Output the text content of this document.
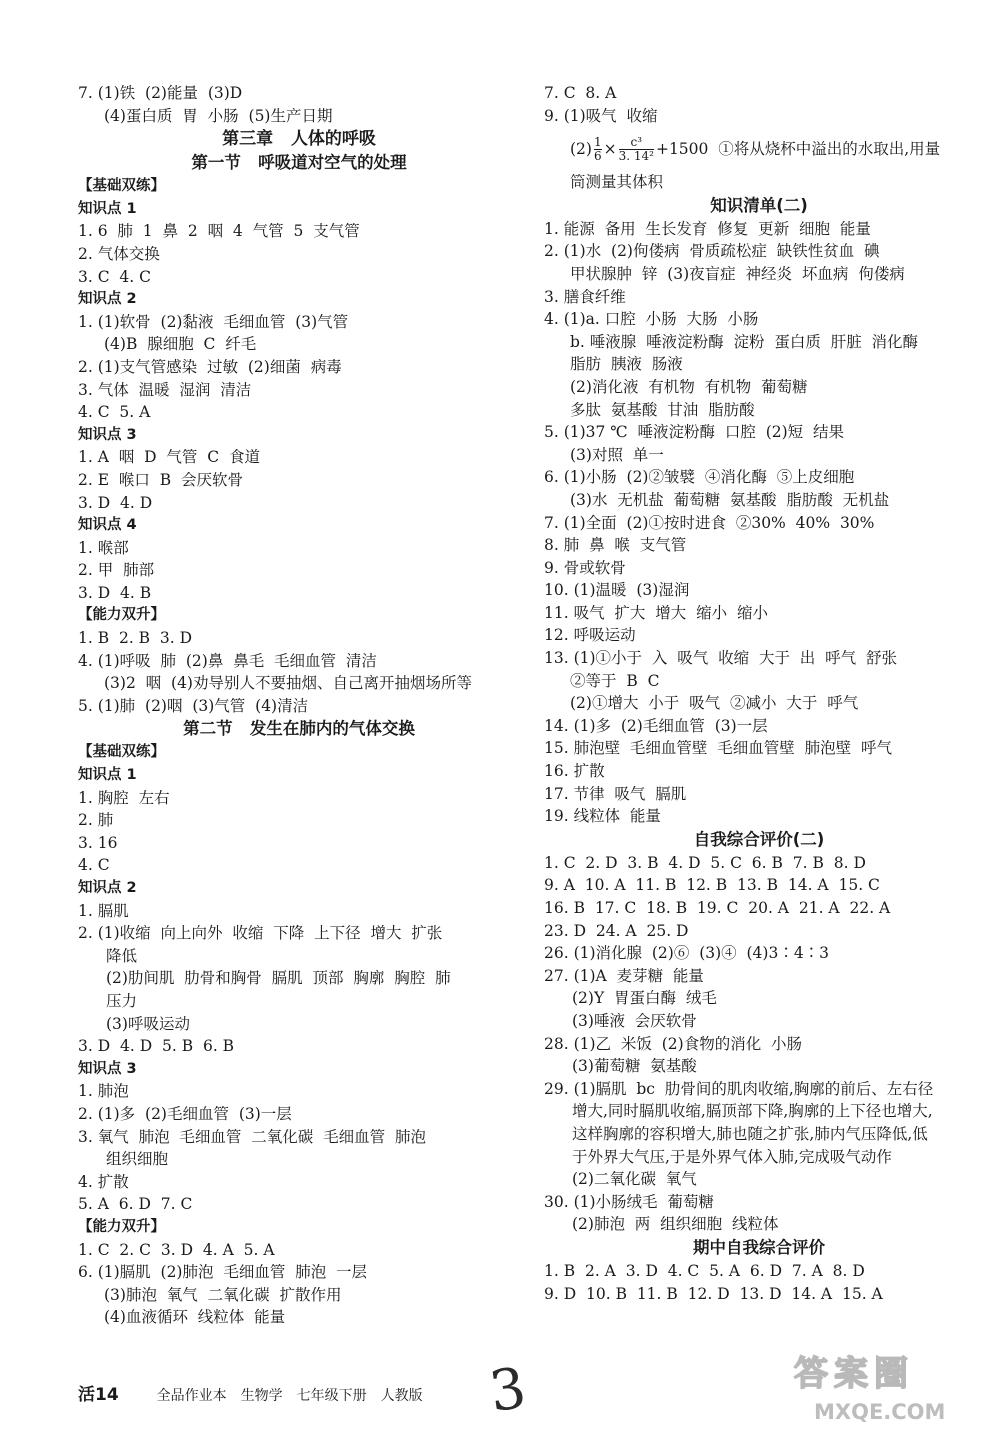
7. (1)铁  (2)能量  (3)D
(4)蛋白质  胃  小肠  (5)生产日期
第三章   人体的呼吸
第一节   呼吸道对空气的处理
【基础双练】
知识点 1
1. 6  肺  1  鼻  2  咽  4  气管  5  支气管
2. 气体交换
3. C  4. C
知识点 2
1. (1)软骨  (2)黏液  毛细血管  (3)气管
(4)B  腺细胞  C  纤毛
2. (1)支气管感染  过敏  (2)细菌  病毒
3. 气体  温暖  湿润  清洁
4. C  5. A
知识点 3
1. A  咽  D  气管  C  食道
2. E  喉口  B  会厌软骨
3. D  4. D
知识点 4
1. 喉部
2. 甲  肺部
3. D  4. B
【能力双升】
1. B  2. B  3. D
4. (1)呼吸  肺  (2)鼻  鼻毛  毛细血管  清洁
(3)2  咽  (4)劝导别人不要抽烟、自己离开抽烟场所等
5. (1)肺  (2)咽  (3)气管  (4)清洁
第二节   发生在肺内的气体交换
【基础双练】
知识点 1
1. 胸腔  左右
2. 肺
3. 16
4. C
知识点 2
1. 膈肌
2. (1)收缩  向上向外  收缩  下降  上下径  增大  扩张
降低
(2)肋间肌  肋骨和胸骨  膈肌  顶部  胸廓  胸腔  肺
压力
(3)呼吸运动
3. D  4. D  5. B  6. B
知识点 3
1. 肺泡
2. (1)多  (2)毛细血管  (3)一层
3. 氧气  肺泡  毛细血管  二氧化碳  毛细血管  肺泡
组织细胞
4. 扩散
5. A  6. D  7. C
【能力双升】
1. C  2. C  3. D  4. A  5. A
6. (1)膈肌  (2)肺泡  毛细血管  肺泡  一层
(3)肺泡  氧气  二氧化碳  扩散作用
(4)血液循环  线粒体  能量
7. C  8. A
9. (1)吸气  收缩
$(2) \frac{1}{6} \times \frac{\text{c³}}{\text{3. 14²}} +1500$  ①将从烧杯中溢出的水取出,用量
筒测量其体积
知识清单(二)
1. 能源  备用  生长发育  修复  更新  细胞  能量
2. (1)水  (2)佝偻病  骨质疏松症  缺铁性贫血  碘
甲状腺肿  锌  (3)夜盲症  神经炎  坏血病  佝偻病
3. 膳食纤维
4. (1)a. 口腔  小肠  大肠  小肠
b. 唾液腺  唾液淀粉酶  淀粉  蛋白质  肝脏  消化酶
脂肪  胰液  肠液
(2)消化液  有机物  有机物  葡萄糖
多肽  氨基酸  甘油  脂肪酸
5. (1)37 ℃  唾液淀粉酶  口腔  (2)短  结果
(3)对照  单一
6. (1)小肠  (2)②皱襞  ④消化酶  ⑤上皮细胞
(3)水  无机盐  葡萄糖  氨基酸  脂肪酸  无机盐
7. (1)全面  (2)①按时进食  ②30%  40%  30%
8. 肺  鼻  喉  支气管
9. 骨或软骨
10. (1)温暖  (3)湿润
11. 吸气  扩大  增大  缩小  缩小
12. 呼吸运动
13. (1)①小于  入  吸气  收缩  大于  出  呼气  舒张
②等于  B  C
(2)①增大  小于  吸气  ②减小  大于  呼气
14. (1)多  (2)毛细血管  (3)一层
15. 肺泡壁  毛细血管壁  毛细血管壁  肺泡壁  呼气
16. 扩散
17. 节律  吸气  膈肌
19. 线粒体  能量
自我综合评价(二)
1. C  2. D  3. B  4. D  5. C  6. B  7. B  8. D
9. A  10. A  11. B  12. B  13. B  14. A  15. C
16. B  17. C  18. B  19. C  20. A  21. A  22. A
23. D  24. A  25. D
26. (1)消化腺  (2)⑥  (3)④  (4)3∶4∶3
27. (1)A  麦芽糖  能量
(2)Y  胃蛋白酶  绒毛
(3)唾液  会厌软骨
28. (1)乙  米饭  (2)食物的消化  小肠
(3)葡萄糖  氨基酸
29. (1)膈肌  bc  肋骨间的肌肉收缩,胸廓的前后、左右径
增大,同时膈肌收缩,膈顶部下降,胸廓的上下径也增大,
这样胸廓的容积增大,肺也随之扩张,肺内气压降低,低
于外界大气压,于是外界气体入肺,完成吸气动作
(2)二氧化碳  氧气
30. (1)小肠绒毛  葡萄糖
(2)肺泡  两  组织细胞  线粒体
期中自我综合评价
1. B  2. A  3. D  4. C  5. A  6. D  7. A  8. D
9. D  10. B  11. B  12. D  13. D  14. A  15. A
活14	全品作业本 生物学 七年级下册 人教版 3	答案圈
MXQE.COM
